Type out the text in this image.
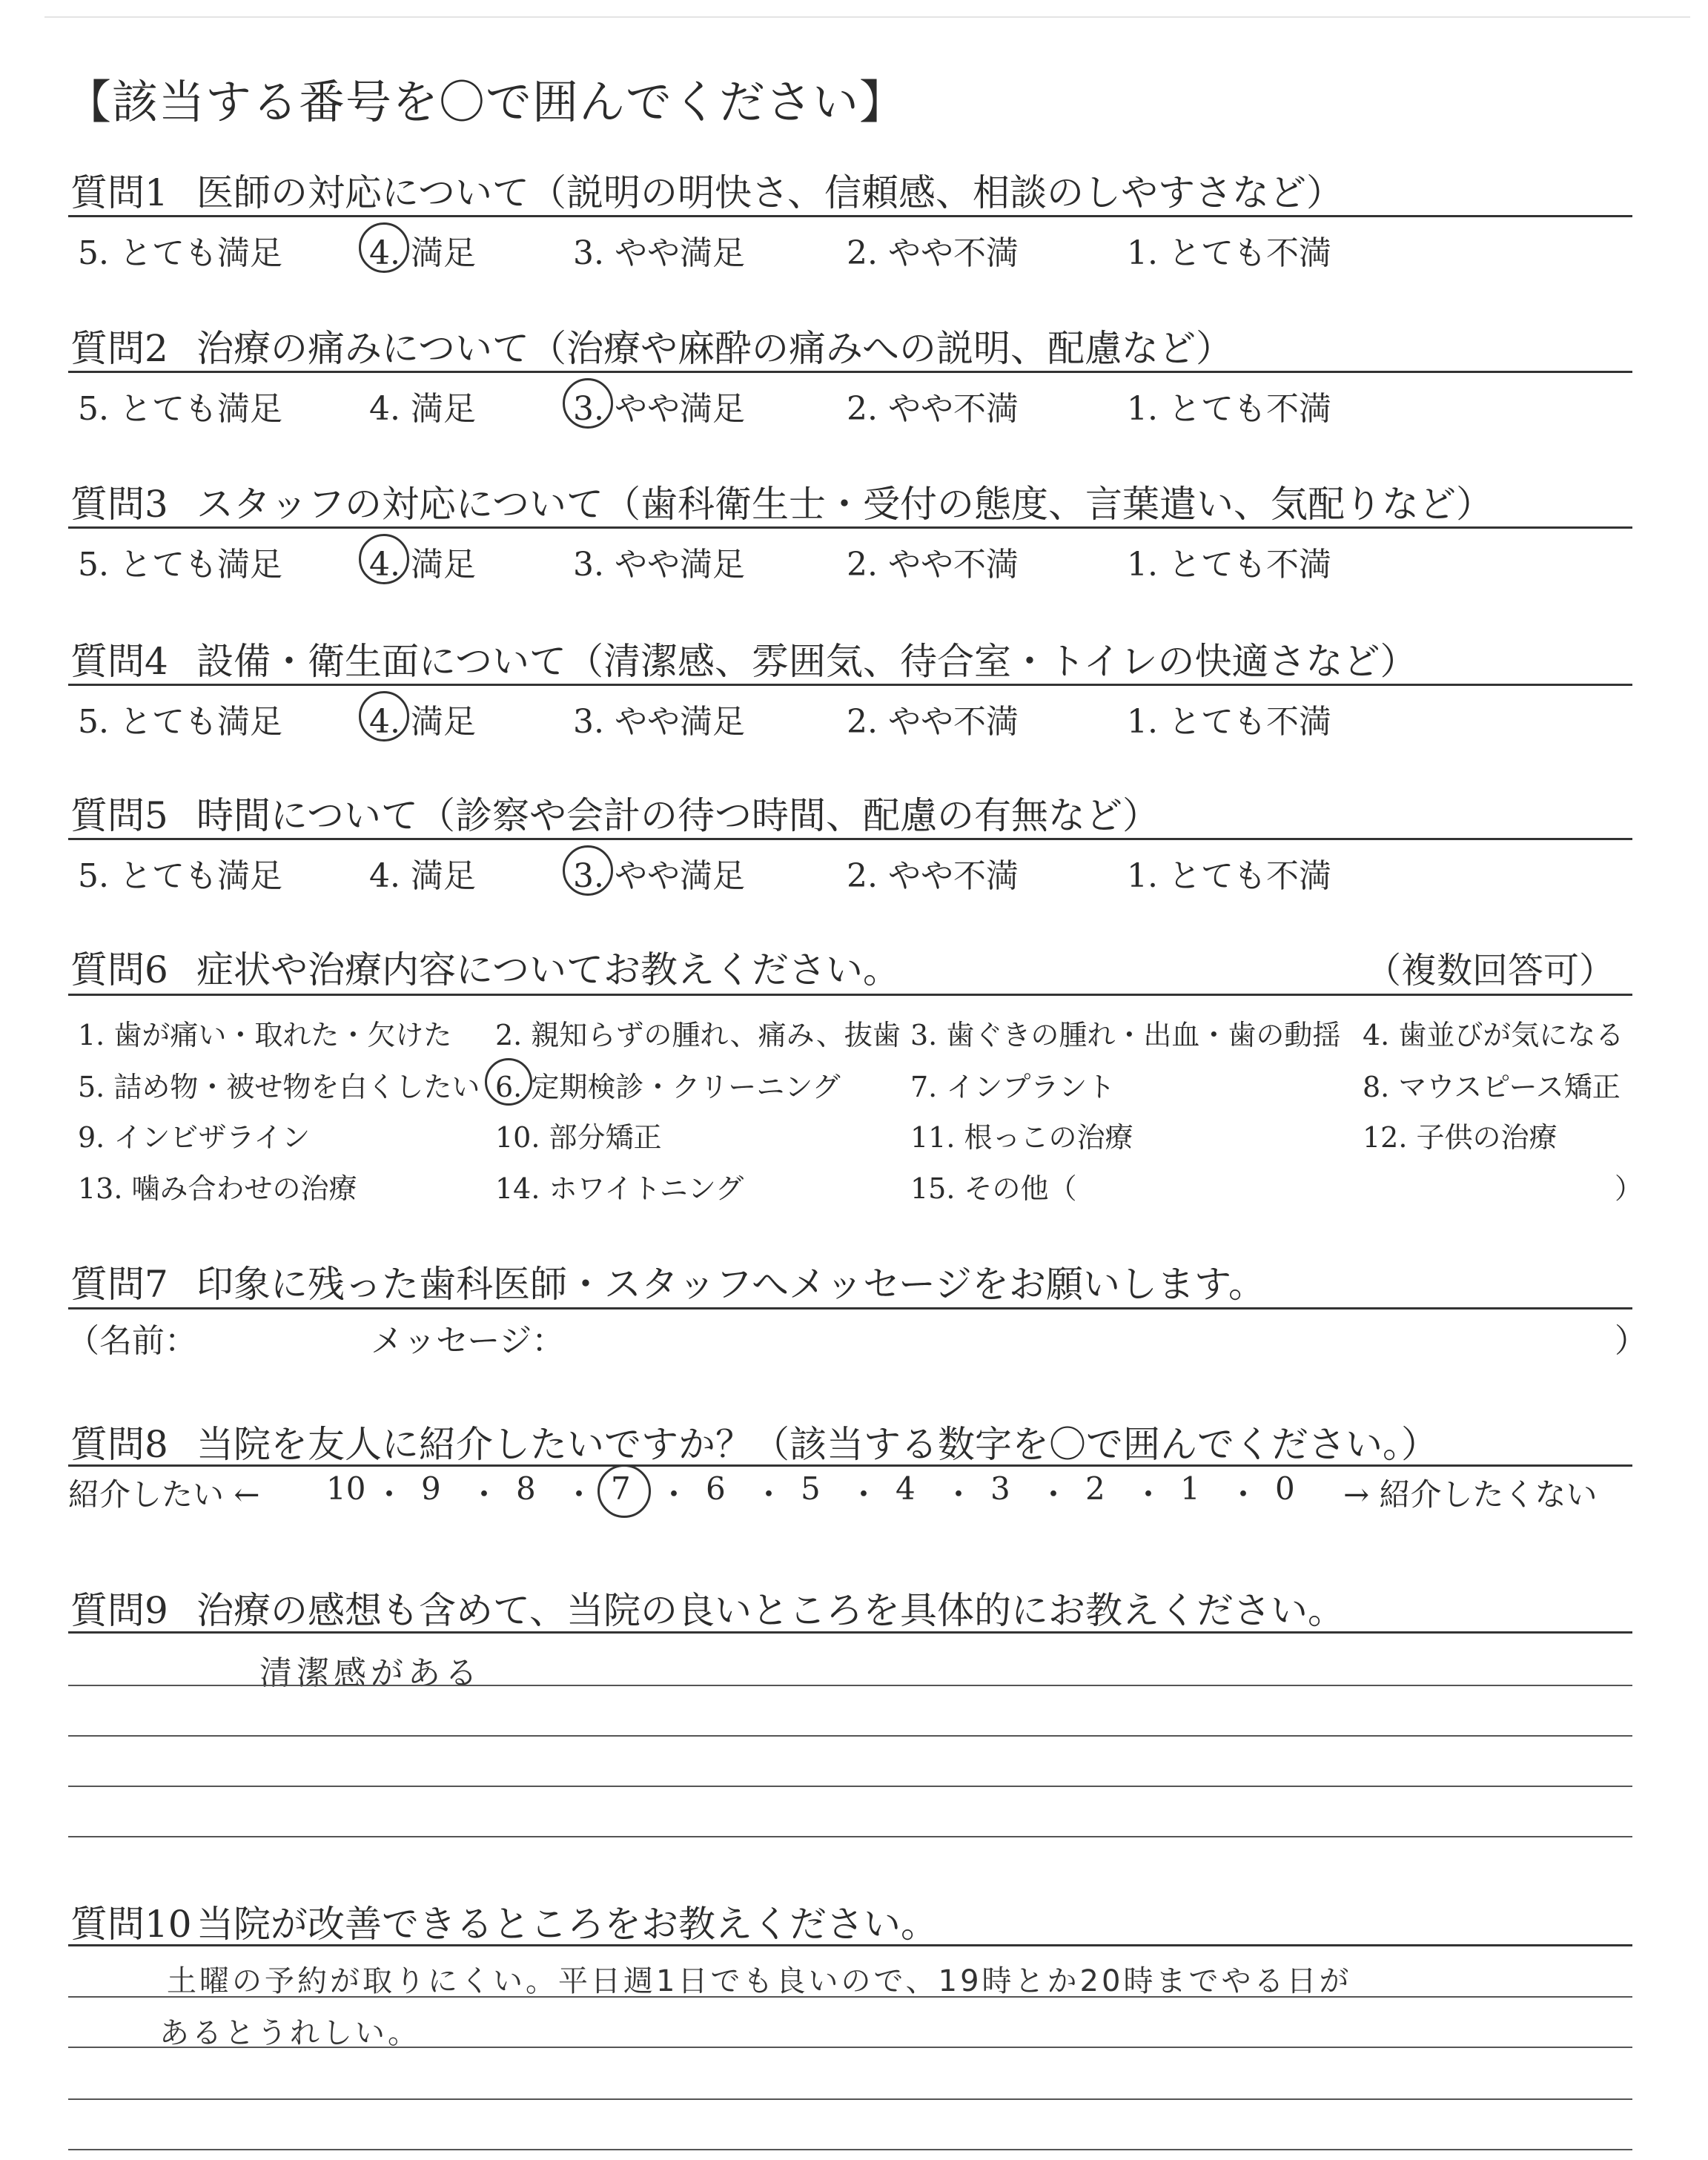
【該当する番号を〇で囲んでください】
質問1 医師の対応について（説明の明快さ、信頼感、相談のしやすさなど）
5. とても満足	4. 満足	3. やや満足	2. やや不満	1. とても不満
質問2 治療の痛みについて（治療や麻酔の痛みへの説明、配慮など）
5. とても満足	4. 満足	3. やや満足	2. やや不満	1. とても不満
質問3 スタッフの対応について（歯科衛生士・受付の態度、言葉遣い、気配りなど）
5. とても満足	4. 満足	3. やや満足	2. やや不満	1. とても不満
質問4 設備・衛生面について（清潔感、雰囲気、待合室・トイレの快適さなど）
5. とても満足	4. 満足	3. やや満足	2. やや不満	1. とても不満
質問5 時間について（診察や会計の待つ時間、配慮の有無など）
5. とても満足	4. 満足	3. やや満足	2. やや不満	1. とても不満
質問6 症状や治療内容についてお教えください。	（複数回答可）
1. 歯が痛い・取れた・欠けた 2. 親知らずの腫れ、痛み、抜歯 3. 歯ぐきの腫れ・出血・歯の動揺 4. 歯並びが気になる
5. 詰め物・被せ物を白くしたい 6. 定期検診・クリーニング 7. インプラント	8. マウスピース矯正
9. インビザライン	10. 部分矯正	11. 根っこの治療	12. 子供の治療
13. 噛み合わせの治療	14. ホワイトニング	15. その他（	）
質問7 印象に残った歯科医師・スタッフへメッセージをお願いします。
（名前：	メッセージ：	）
質問8 当院を友人に紹介したいですか？（該当する数字を〇で囲んでください。）
紹介したい ← 10 ・ 9 ・ 8 ・ 7 ・ 6 ・ 5 ・ 4 ・ 3 ・ 2 ・ 1 ・ 0 → 紹介したくない
質問9 治療の感想も含めて、当院の良いところを具体的にお教えください。
清潔感がある
質問10 当院が改善できるところをお教えください。
土曜の予約が取りにくい。平日週1日でも良いので、19時とか20時までやる日が
あるとうれしい。
